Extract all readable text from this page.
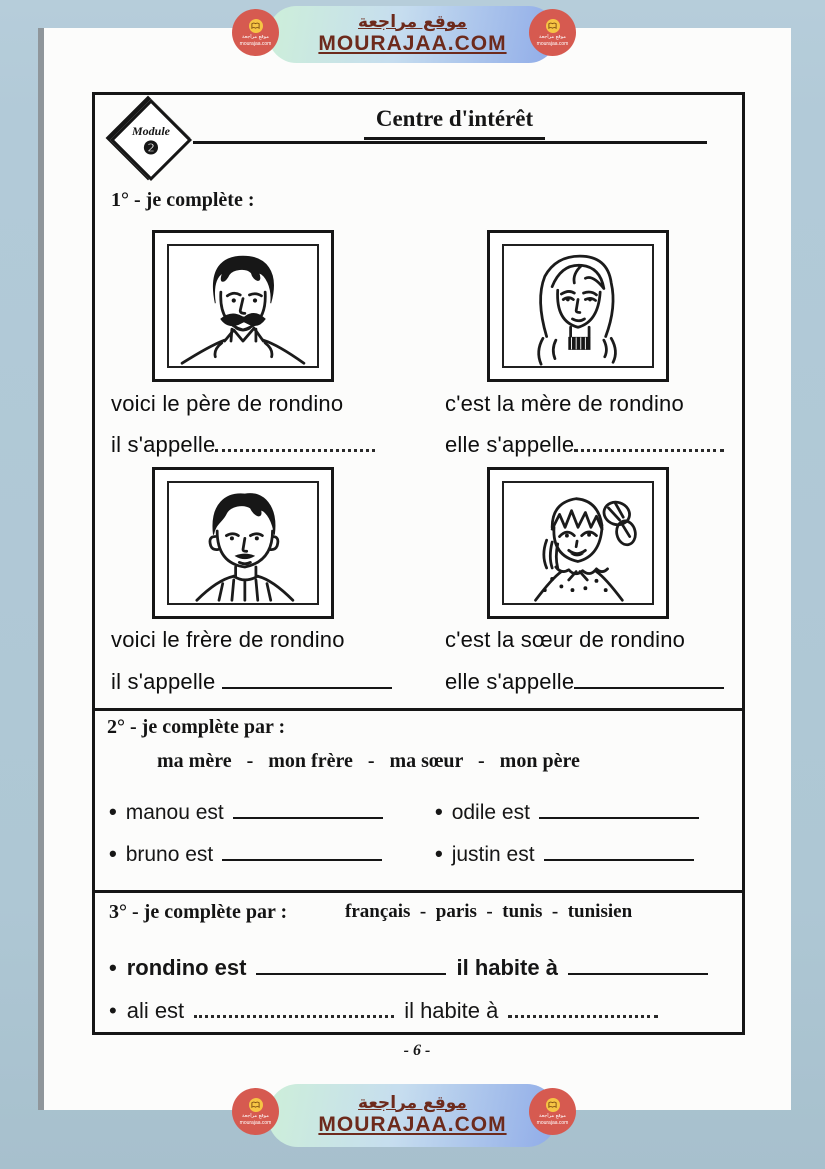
موقع مراجعة
MOURAJAA.COM
موقع مراجعة
mourajaa.com
موقع مراجعة
mourajaa.com
Module
❷
Centre d'intérêt
1° - je complète :
voici le père de rondino	c'est la mère de rondino
il s'appelle	elle s'appelle
voici le frère de rondino	c'est la sœur de rondino
il s'appelle	elle s'appelle
2° - je complète par :
ma mère   -   mon frère   -   ma sœur   -   mon père
• manou est	• odile est
• bruno est	• justin est
3° - je complète par :	français  -  paris  -  tunis  -  tunisien
• rondino est	il habite à
• ali est	il habite à
- 6 -
موقع مراجعة
MOURAJAA.COM
موقع مراجعة
mourajaa.com
موقع مراجعة
mourajaa.com
